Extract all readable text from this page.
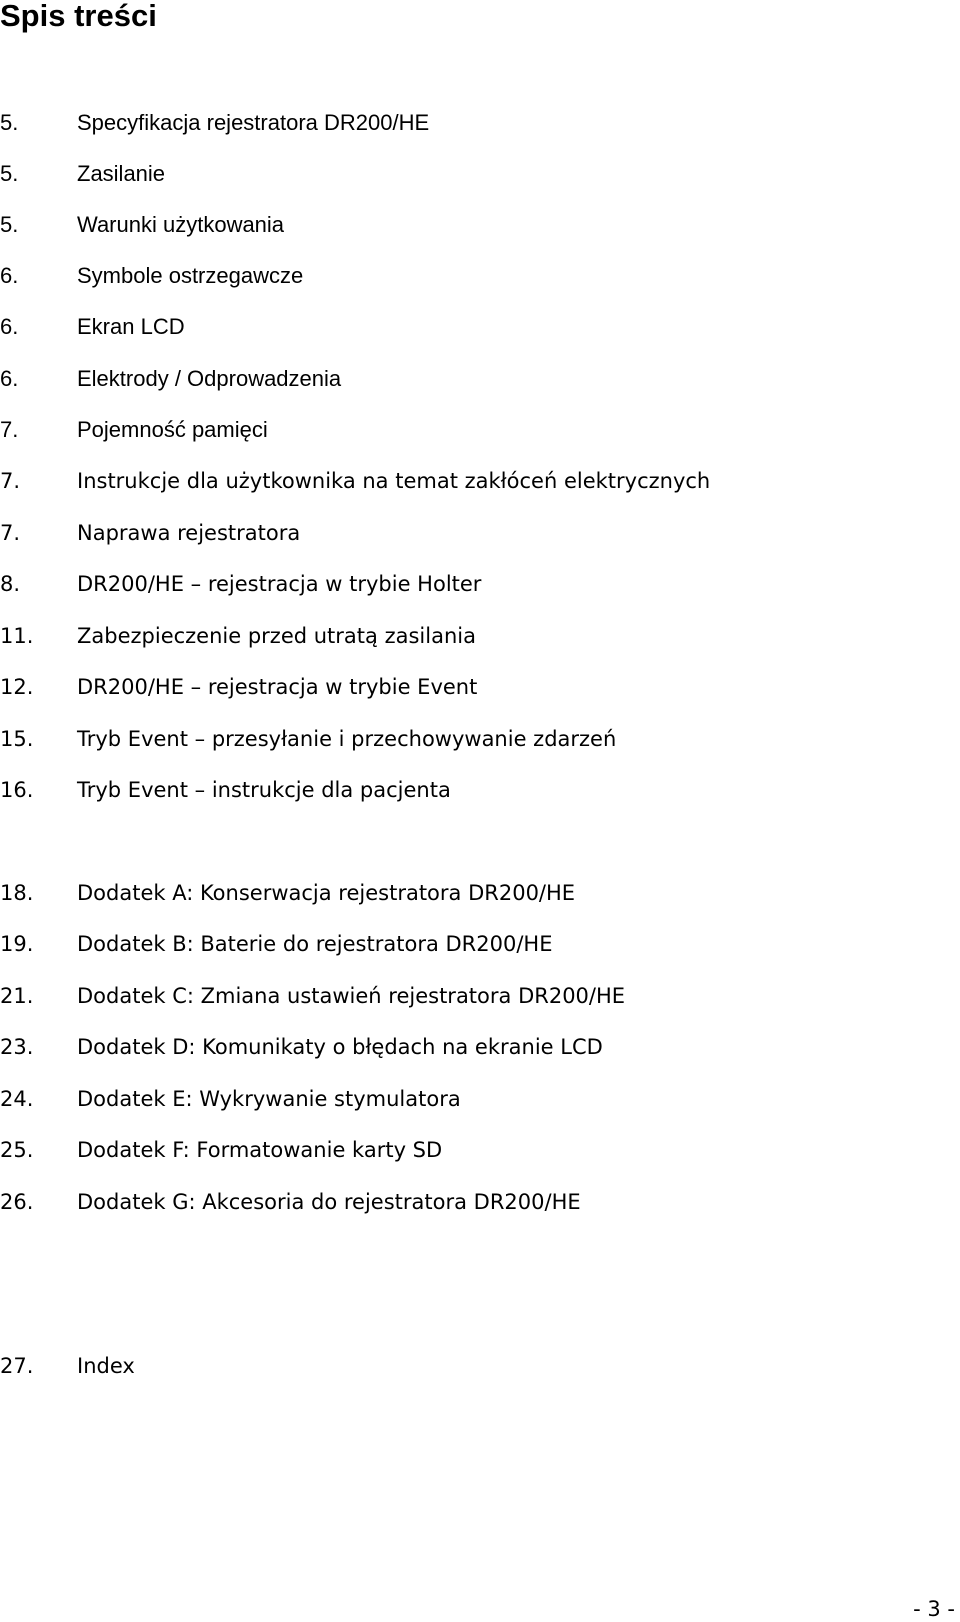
Spis treści
5.	Specyfikacja rejestratora DR200/HE
5.	Zasilanie
5.	Warunki użytkowania
6.	Symbole ostrzegawcze
6.	Ekran LCD
6.	Elektrody / Odprowadzenia
7.	Pojemność pamięci
7.	Instrukcje dla użytkownika na temat zakłóceń elektrycznych
7.	Naprawa rejestratora
8.	DR200/HE – rejestracja w trybie Holter
11. Zabezpieczenie przed utratą zasilania
12. DR200/HE – rejestracja w trybie Event
15. Tryb Event – przesyłanie i przechowywanie zdarzeń
16. Tryb Event – instrukcje dla pacjenta
18. Dodatek A: Konserwacja rejestratora DR200/HE
19. Dodatek B: Baterie do rejestratora DR200/HE
21. Dodatek C: Zmiana ustawień rejestratora DR200/HE
23. Dodatek D: Komunikaty o błędach na ekranie LCD
24. Dodatek E: Wykrywanie stymulatora
25. Dodatek F: Formatowanie karty SD
26. Dodatek G: Akcesoria do rejestratora DR200/HE
27. Index
- 3 -
